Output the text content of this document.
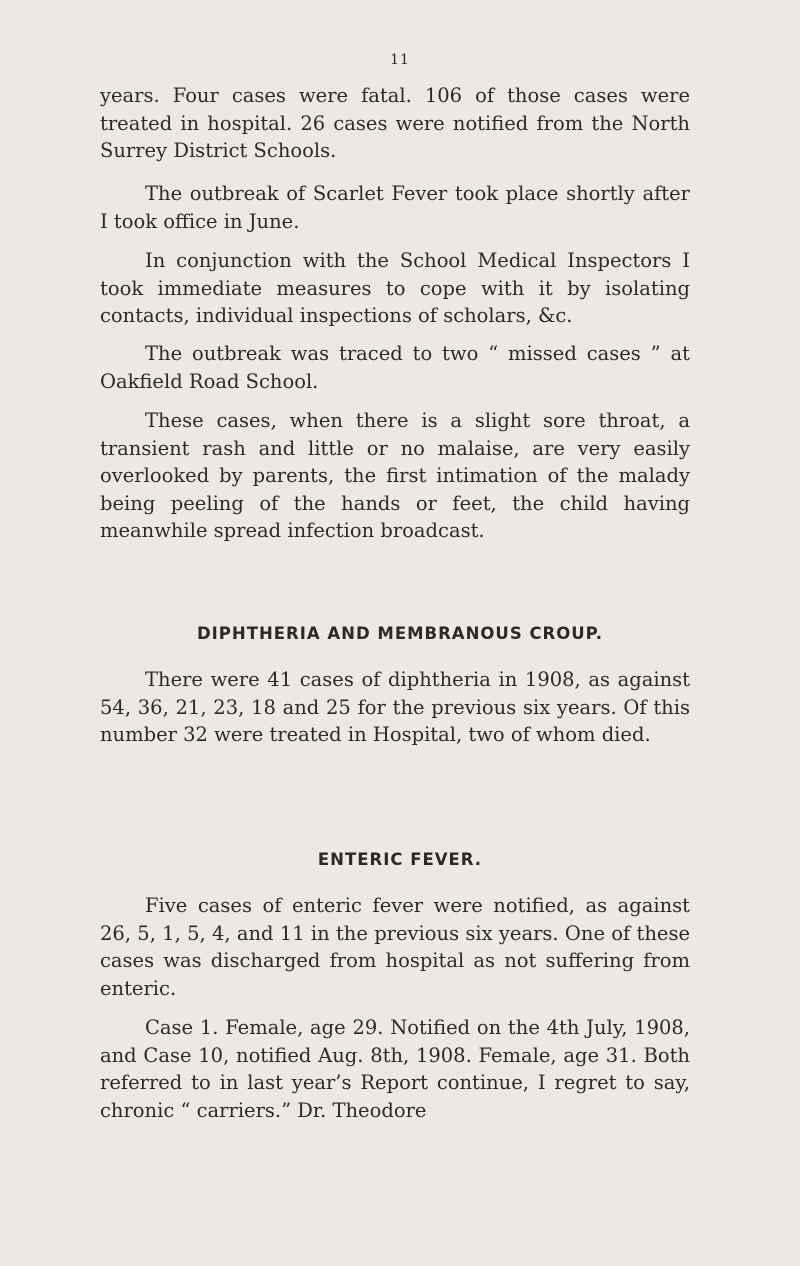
11

years. Four cases were fatal. 106 of those cases were treated in hospital. 26 cases were notified from the North Surrey District Schools.

The outbreak of Scarlet Fever took place shortly after I took office in June.

In conjunction with the School Medical Inspectors I took immediate measures to cope with it by isolating contacts, individual inspections of scholars, &c.

The outbreak was traced to two “ missed cases ” at Oakfield Road School.

These cases, when there is a slight sore throat, a transient rash and little or no malaise, are very easily overlooked by parents, the first intimation of the malady being peeling of the hands or feet, the child having meanwhile spread infection broadcast.

DIPHTHERIA AND MEMBRANOUS CROUP.

There were 41 cases of diphtheria in 1908, as against 54, 36, 21, 23, 18 and 25 for the previous six years. Of this number 32 were treated in Hospital, two of whom died.

ENTERIC FEVER.

Five cases of enteric fever were notified, as against 26, 5, 1, 5, 4, and 11 in the previous six years. One of these cases was discharged from hospital as not suffering from enteric.

Case 1. Female, age 29. Notified on the 4th July, 1908, and Case 10, notified Aug. 8th, 1908. Female, age 31. Both referred to in last year’s Report continue, I regret to say, chronic “ carriers.” Dr. Theodore
